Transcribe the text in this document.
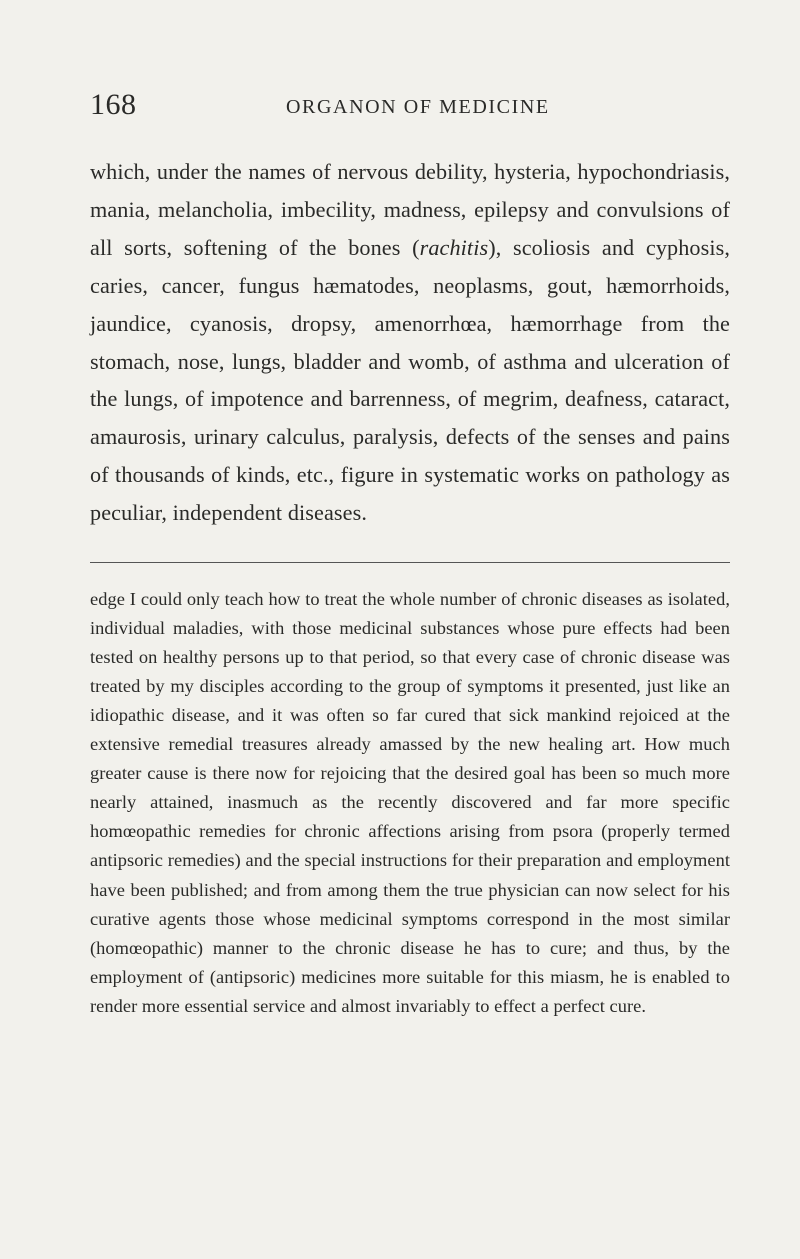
168	ORGANON OF MEDICINE

which, under the names of nervous debility, hysteria, hypochondriasis, mania, melancholia, imbecility, madness, epilepsy and convulsions of all sorts, softening of the bones (rachitis), scoliosis and cyphosis, caries, cancer, fungus hæmatodes, neoplasms, gout, hæmorrhoids, jaundice, cyanosis, dropsy, amenorrhœa, hæmorrhage from the stomach, nose, lungs, bladder and womb, of asthma and ulceration of the lungs, of impotence and barrenness, of megrim, deafness, cataract, amaurosis, urinary calculus, paralysis, defects of the senses and pains of thousands of kinds, etc., figure in systematic works on pathology as peculiar, independent diseases.

edge I could only teach how to treat the whole number of chronic diseases as isolated, individual maladies, with those medicinal substances whose pure effects had been tested on healthy persons up to that period, so that every case of chronic disease was treated by my disciples according to the group of symptoms it presented, just like an idiopathic disease, and it was often so far cured that sick mankind rejoiced at the extensive remedial treasures already amassed by the new healing art. How much greater cause is there now for rejoicing that the desired goal has been so much more nearly attained, inasmuch as the recently discovered and far more specific homœopathic remedies for chronic affections arising from psora (properly termed antipsoric remedies) and the special instructions for their preparation and employment have been published; and from among them the true physician can now select for his curative agents those whose medicinal symptoms correspond in the most similar (homœopathic) manner to the chronic disease he has to cure; and thus, by the employment of (antipsoric) medicines more suitable for this miasm, he is enabled to render more essential service and almost invariably to effect a perfect cure.
